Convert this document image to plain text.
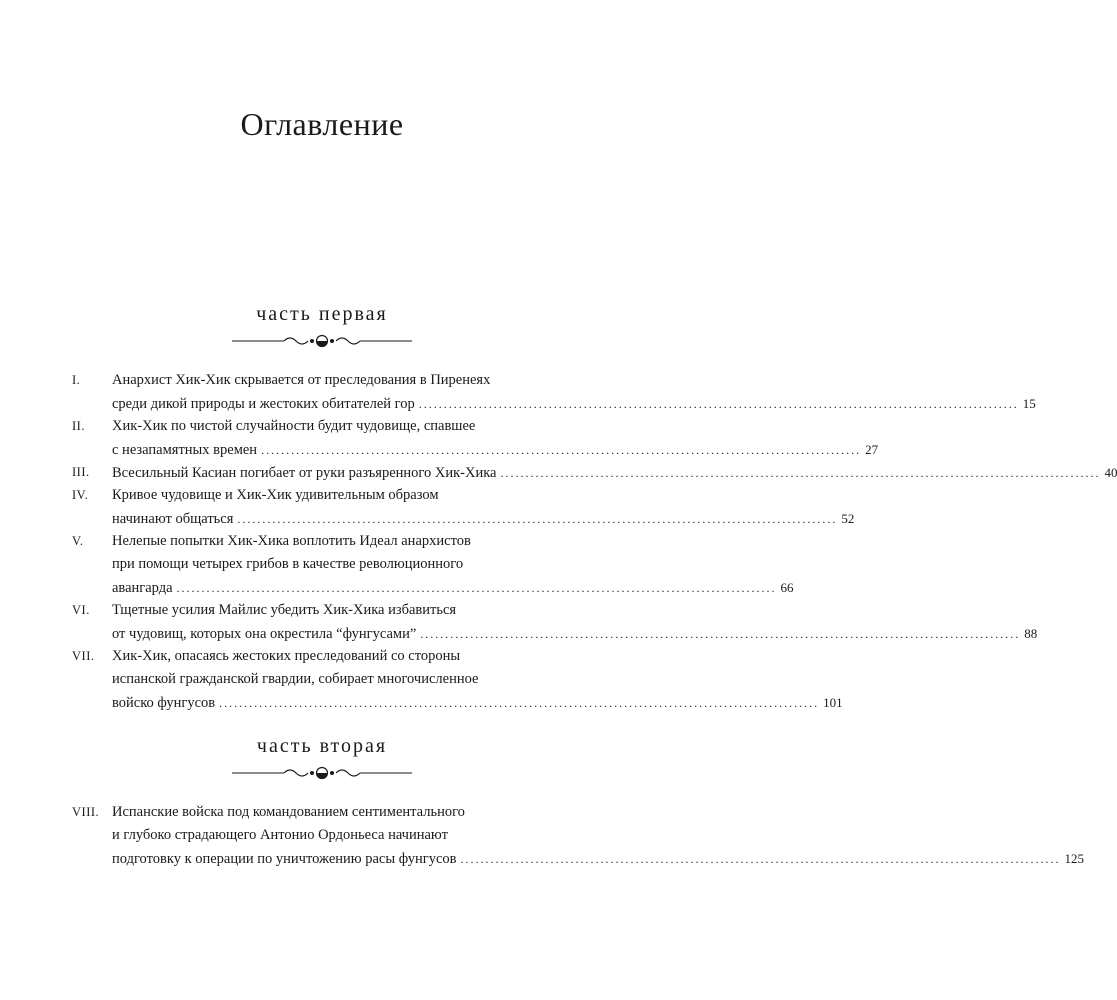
Оглавление
часть первая
I. Анархист Хик-Хик скрывается от преследования в Пиренеях
среди дикой природы и жестоких обитателей гор ........................................................................................................................ 15
II. Хик-Хик по чистой случайности будит чудовище, спавшее
с незапамятных времен ........................................................................................................................ 27
III. Всесильный Касиан погибает от руки разъяренного Хик-Хика ........................................................................................................................ 40
IV. Кривое чудовище и Хик-Хик удивительным образом
начинают общаться ........................................................................................................................ 52
V. Нелепые попытки Хик-Хика воплотить Идеал анархистов
при помощи четырех грибов в качестве революционного
авангарда ........................................................................................................................ 66
VI. Тщетные усилия Майлис убедить Хик-Хика избавиться
от чудовищ, которых она окрестила “фунгусами” ........................................................................................................................ 88
VII. Хик-Хик, опасаясь жестоких преследований со стороны
испанской гражданской гвардии, собирает многочисленное
войско фунгусов ........................................................................................................................ 101
часть вторая
VIII. Испанские войска под командованием сентиментального
и глубоко страдающего Антонио Ордоньеса начинают
подготовку к операции по уничтожению расы фунгусов ........................................................................................................................ 125
